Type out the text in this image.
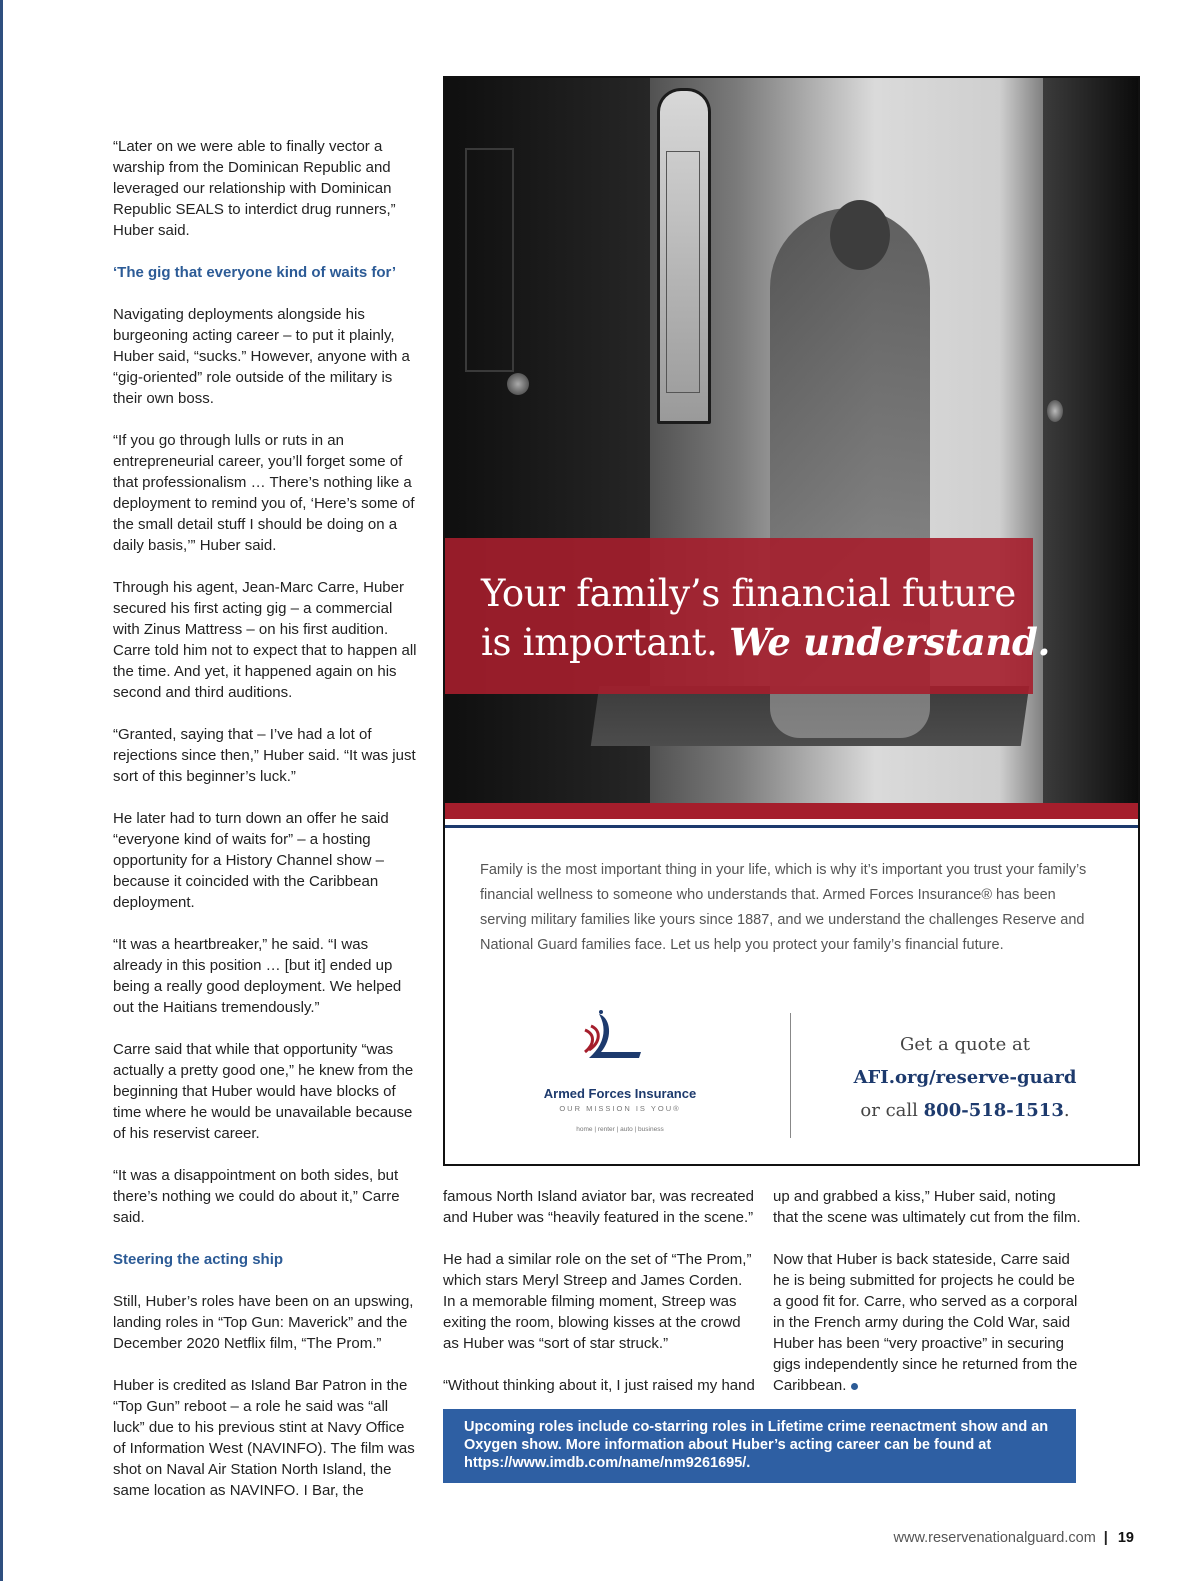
“Later on we were able to finally vector a warship from the Dominican Republic and leveraged our relationship with Dominican Republic SEALS to interdict drug runners,” Huber said.

‘The gig that everyone kind of waits for’

Navigating deployments alongside his burgeoning acting career – to put it plainly, Huber said, “sucks.” However, anyone with a “gig-oriented” role outside of the military is their own boss.

“If you go through lulls or ruts in an entrepreneurial career, you’ll forget some of that professionalism … There’s nothing like a deployment to remind you of, ‘Here’s some of the small detail stuff I should be doing on a daily basis,’” Huber said.

Through his agent, Jean-Marc Carre, Huber secured his first acting gig – a commercial with Zinus Mattress – on his first audition. Carre told him not to expect that to happen all the time. And yet, it happened again on his second and third auditions.

“Granted, saying that – I’ve had a lot of rejections since then,” Huber said. “It was just sort of this beginner’s luck.”

He later had to turn down an offer he said “everyone kind of waits for” – a hosting opportunity for a History Channel show – because it coincided with the Caribbean deployment.

“It was a heartbreaker,” he said. “I was already in this position … [but it] ended up being a really good deployment. We helped out the Haitians tremendously.”

Carre said that while that opportunity “was actually a pretty good one,” he knew from the beginning that Huber would have blocks of time where he would be unavailable because of his reservist career.

“It was a disappointment on both sides, but there’s nothing we could do about it,” Carre said.

Steering the acting ship

Still, Huber’s roles have been on an upswing, landing roles in “Top Gun: Maverick” and the December 2020 Netflix film, “The Prom.”

Huber is credited as Island Bar Patron in the “Top Gun” reboot – a role he said was “all luck” due to his previous stint at Navy Office of Information West (NAVINFO). The film was shot on Naval Air Station North Island, the same location as NAVINFO. I Bar, the

Your family’s financial future
is important. We understand.

Family is the most important thing in your life, which is why it’s important you trust your family’s financial wellness to someone who understands that. Armed Forces Insurance® has been serving military families like yours since 1887, and we understand the challenges Reserve and National Guard families face. Let us help you protect your family’s financial future.

Armed Forces Insurance
OUR MISSION IS YOU®
home | renter | auto | business
Get a quote at
AFI.org/reserve-guard
or call 800-518-1513.

famous North Island aviator bar, was recreated and Huber was “heavily featured in the scene.”

He had a similar role on the set of “The Prom,” which stars Meryl Streep and James Corden. In a memorable filming moment, Streep was exiting the room, blowing kisses at the crowd as Huber was “sort of star struck.”

“Without thinking about it, I just raised my hand

up and grabbed a kiss,” Huber said, noting that the scene was ultimately cut from the film.

Now that Huber is back stateside, Carre said he is being submitted for projects he could be a good fit for. Carre, who served as a corporal in the French army during the Cold War, said Huber has been “very proactive” in securing gigs independently since he returned from the Caribbean.

Upcoming roles include co-starring roles in Lifetime crime reenactment show and an Oxygen show. More information about Huber’s acting career can be found at https://www.imdb.com/name/nm9261695/.

www.reservenationalguard.com | 19
